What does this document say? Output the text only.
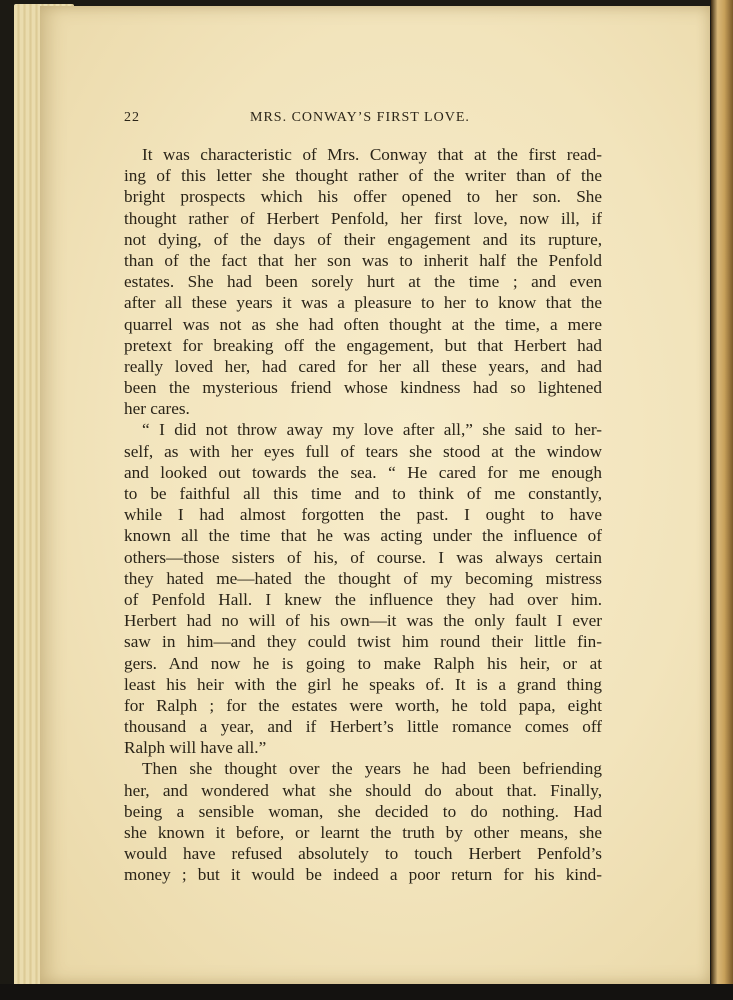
22	MRS. CONWAY’S FIRST LOVE.
It was characteristic of Mrs. Conway that at the first read-
ing of this letter she thought rather of the writer than of the
bright prospects which his offer opened to her son. She
thought rather of Herbert Penfold, her first love, now ill, if
not dying, of the days of their engagement and its rupture,
than of the fact that her son was to inherit half the Penfold
estates. She had been sorely hurt at the time ; and even
after all these years it was a pleasure to her to know that the
quarrel was not as she had often thought at the time, a mere
pretext for breaking off the engagement, but that Herbert had
really loved her, had cared for her all these years, and had
been the mysterious friend whose kindness had so lightened
her cares.
“ I did not throw away my love after all,” she said to her-
self, as with her eyes full of tears she stood at the window
and looked out towards the sea. “ He cared for me enough
to be faithful all this time and to think of me constantly,
while I had almost forgotten the past. I ought to have
known all the time that he was acting under the influence of
others—those sisters of his, of course. I was always certain
they hated me—hated the thought of my becoming mistress
of Penfold Hall. I knew the influence they had over him.
Herbert had no will of his own—it was the only fault I ever
saw in him—and they could twist him round their little fin-
gers. And now he is going to make Ralph his heir, or at
least his heir with the girl he speaks of. It is a grand thing
for Ralph ; for the estates were worth, he told papa, eight
thousand a year, and if Herbert’s little romance comes off
Ralph will have all.”
Then she thought over the years he had been befriending
her, and wondered what she should do about that. Finally,
being a sensible woman, she decided to do nothing. Had
she known it before, or learnt the truth by other means, she
would have refused absolutely to touch Herbert Penfold’s
money ; but it would be indeed a poor return for his kind-
